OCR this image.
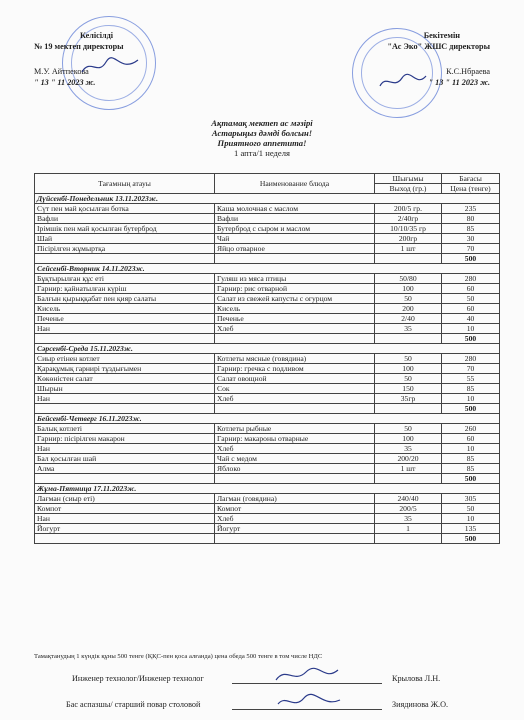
Келісілді
№ 19 мектеп директоры
М.У. Айтпекова
" 13 " 11 2023 ж.
Бекітемін
"Ас Эко" ЖШС директоры
К.С.Нбраева
" 13 " 11 2023 ж.
Ақтамақ мектеп ас мәзірі
Астарыңыз дәмді болсын!
Приятного аппетита!
1 апта/1 неделя
Тағамның атауы	Наименование блюда	Шығымы	Бағасы
		Выход (гр.)	Цена (тенге)
Дүйсенбі-Понедельник 13.11.2023ж.			
Сүт пен май қосылған ботка	Каша молочная с маслом	200/5 гр.	235
Вафли	Вафли	2/40гр	80
Ірімшік пен май қосылған бутерброд	Бутерброд с сыром и маслом	10/10/35 гр	85
Шай	Чай	200гр	30
Пісірілген жұмыртқа	Яйцо отварное	1 шт	70
			500
Сейсенбі-Вторник 14.11.2023ж.			
Бұқтырылған құс еті	Гуляш из мяса птицы	50/80	280
Гарнир: қайнатылған күріш	Гарнир: рис отварной	100	60
Балғын қырыққабат пен қияр салаты	Салат из свежей капусты с огурцом	50	50
Кисель	Кисель	200	60
Печенье	Печенье	2/40	40
Нан	Хлеб	35	10
			500
Сәрсенбі-Среда 15.11.2023ж.			
Сиыр етінен котлет	Котлеты мясные (говядина)	50	280
Қарақұмық гарнирі тұздығымен	Гарнир: гречка с подливом	100	70
Көкөністен салат	Салат овощной	50	55
Шырын	Сок	150	85
Нан	Хлеб	35гр	10
			500
Бейсенбі-Четверг 16.11.2023ж.			
Балық котлеті	Котлеты рыбные	50	260
Гарнир: пісірілген макарон	Гарнир: макароны отварные	100	60
Нан	Хлеб	35	10
Бал қосылған шай	Чай с медом	200/20	85
Алма	Яблоко	1 шт	85
			500
Жұма-Пятница 17.11.2023ж.			
Лағман (сиыр еті)	Лагман (говядина)	240/40	305
Компот	Компот	200/5	50
Нан	Хлеб	35	10
Йогурт	Йогурт	1	135
			500
Тамақтанудың 1 күндік құны 500 тенге (ҚҚС-пен қоса алғанда) цена обеда 500 тенге в том числе НДС
Инженер технолог/Инженер технолог	Крылова Л.Н.
Бас аспазшы/ старший повар столовой	Зиядинова Ж.О.
